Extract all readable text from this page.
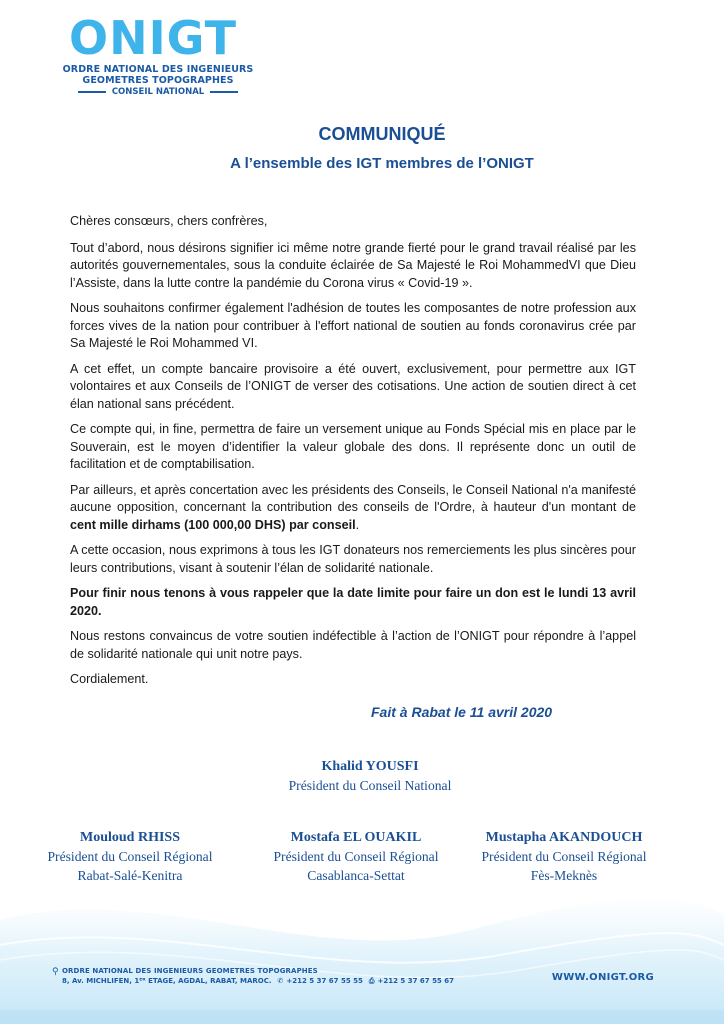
ONIGT
ORDRE NATIONAL DES INGENIEURS
GEOMETRES TOPOGRAPHES
CONSEIL NATIONAL
COMMUNIQUÉ
A l’ensemble des IGT membres de l’ONIGT

Chères consœurs, chers confrères,

Tout d’abord, nous désirons signifier ici même notre grande fierté pour le grand travail réalisé par les autorités gouvernementales, sous la conduite éclairée de Sa Majesté le Roi MohammedVI que Dieu l’Assiste, dans la lutte contre la pandémie du Corona virus « Covid-19 ».

Nous souhaitons confirmer également l'adhésion de toutes les composantes de notre profession aux forces vives de la nation pour contribuer à l'effort national de soutien au fonds coronavirus crée par Sa Majesté le Roi Mohammed VI.

A cet effet, un compte bancaire provisoire a été ouvert, exclusivement, pour permettre aux IGT volontaires et aux Conseils de l’ONIGT de verser des cotisations. Une action de soutien direct à cet élan national sans précédent.

Ce compte qui, in fine, permettra de faire un versement unique au Fonds Spécial mis en place par le Souverain, est le moyen d’identifier la valeur globale des dons. Il représente donc un outil de facilitation et de comptabilisation.

Par ailleurs, et après concertation avec les présidents des Conseils, le Conseil National n'a manifesté aucune opposition, concernant la contribution des conseils de l'Ordre, à hauteur d'un montant de cent mille dirhams (100 000,00 DHS) par conseil.

A cette occasion, nous exprimons à tous les IGT donateurs nos remerciements les plus sincères pour leurs contributions, visant à soutenir l’élan de solidarité nationale.

Pour finir nous tenons à vous rappeler que la date limite pour faire un don est le lundi 13 avril 2020.

Nous restons convaincus de votre soutien indéfectible à l’action de l’ONIGT pour répondre à l’appel de solidarité nationale qui unit notre pays.

Cordialement.

Fait à Rabat le 11 avril 2020
Khalid YOUSFI
Président du Conseil National
Mouloud RHISS
Président du Conseil Régional
Rabat-Salé-Kenitra
Mostafa EL OUAKIL
Président du Conseil Régional
Casablanca-Settat
Mustapha AKANDOUCH
Président du Conseil Régional
Fès-Meknès
⚲ ORDRE NATIONAL DES INGENIEURS GEOMETRES TOPOGRAPHES
8, Av. MICHLIFEN, 1ᴱᴿ ETAGE, AGDAL, RABAT, MAROC. ✆ +212 5 37 67 55 55 ⎙ +212 5 37 67 55 67	WWW.ONIGT.ORG
